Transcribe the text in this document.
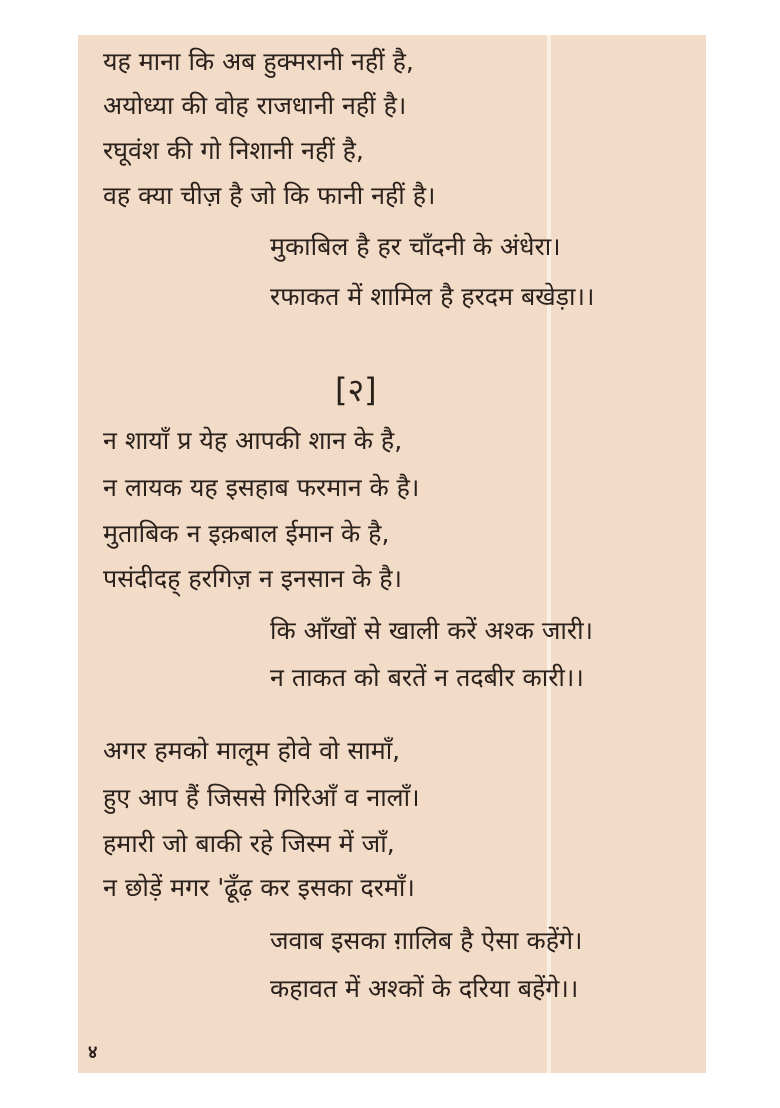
यह माना कि अब हुक्मरानी नहीं है,
अयोध्या की वोह राजधानी नहीं है।
रघूवंश की गो निशानी नहीं है,
वह क्या चीज़ है जो कि फानी नहीं है।
मुकाबिल है हर चाँदनी के अंधेरा।
रफाकत में शामिल है हरदम बखेड़ा।।
[२]
न शायाँ प्र येह आपकी शान के है,
न लायक यह इसहाब फरमान के है।
मुताबिक न इक़बाल ईमान के है,
पसंदीदह् हरगिज़ न इनसान के है।
कि आँखों से खाली करें अश्क जारी।
न ताकत को बरतें न तदबीर कारी।।
अगर हमको मालूम होवे वो सामाँ,
हुए आप हैं जिससे गिरिआँ व नालाँ।
हमारी जो बाकी रहे जिस्म में जाँ,
न छोड़ें मगर 'ढूँढ़ कर इसका दरमाँ।
जवाब इसका ग़ालिब है ऐसा कहेंगे।
कहावत में अश्कों के दरिया बहेंगे।।
४
